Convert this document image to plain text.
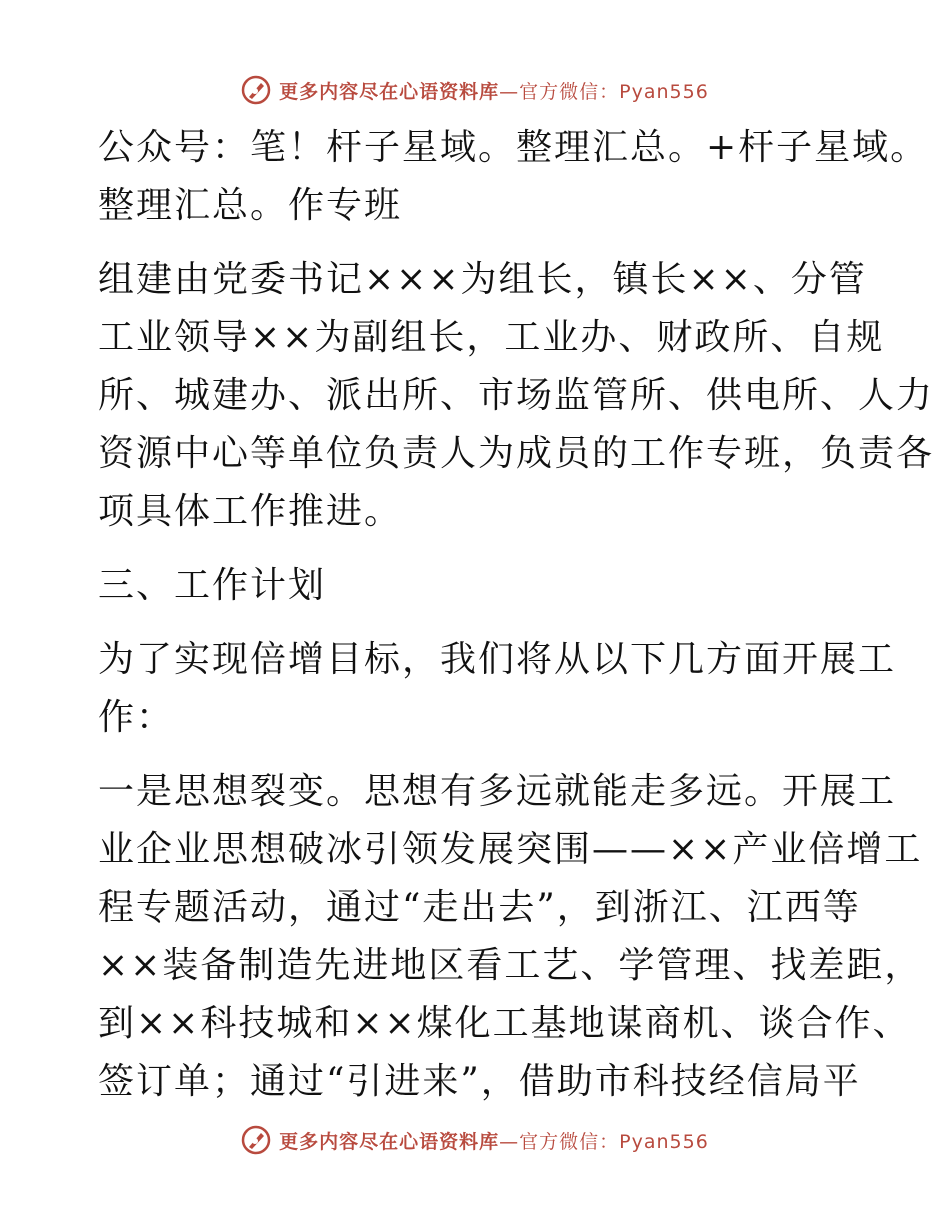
更多内容尽在心语资料库—官方微信：Pyan556

公众号：笔！杆子星域。整理汇总。+杆子星域。
整理汇总。作专班

组建由党委书记×××为组长，镇长××、分管
工业领导××为副组长，工业办、财政所、自规
所、城建办、派出所、市场监管所、供电所、人力
资源中心等单位负责人为成员的工作专班，负责各
项具体工作推进。

三、工作计划

为了实现倍增目标，我们将从以下几方面开展工
作：

一是思想裂变。思想有多远就能走多远。开展工
业企业思想破冰引领发展突围——××产业倍增工
程专题活动，通过“走出去”，到浙江、江西等
××装备制造先进地区看工艺、学管理、找差距，
到××科技城和××煤化工基地谋商机、谈合作、
签订单；通过“引进来”，借助市科技经信局平

更多内容尽在心语资料库—官方微信：Pyan556
